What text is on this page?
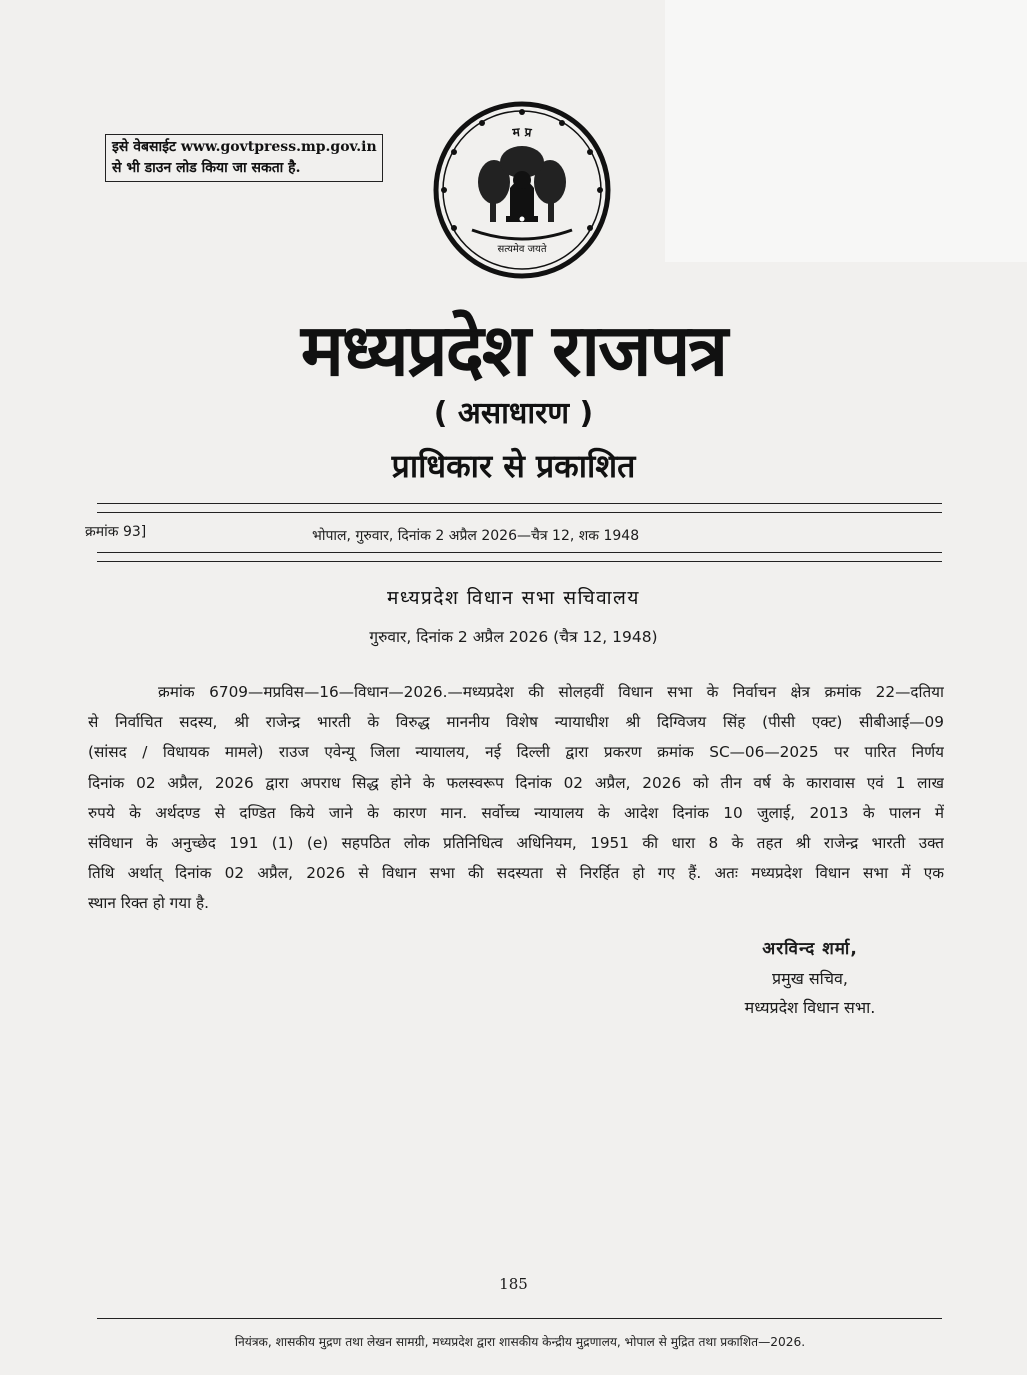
इसे वेबसाईट www.govtpress.mp.gov.in
से भी डाउन लोड किया जा सकता है.
म प्र
सत्यमेव जयते
मध्यप्रदेश राजपत्र
( असाधारण )
प्राधिकार से प्रकाशित
क्रमांक 93]	भोपाल, गुरुवार, दिनांक 2 अप्रैल 2026—चैत्र 12, शक 1948
मध्यप्रदेश विधान सभा सचिवालय
गुरुवार, दिनांक 2 अप्रैल 2026 (चैत्र 12, 1948)
क्रमांक 6709—मप्रविस—16—विधान—2026.—मध्यप्रदेश की सोलहवीं विधान सभा के निर्वाचन क्षेत्र क्रमांक 22—दतिया
से निर्वाचित सदस्य, श्री राजेन्द्र भारती के विरुद्ध माननीय विशेष न्यायाधीश श्री दिग्विजय सिंह (पीसी एक्ट) सीबीआई—09
(सांसद / विधायक मामले) राउज एवेन्यू जिला न्यायालय, नई दिल्ली द्वारा प्रकरण क्रमांक SC—06—2025 पर पारित निर्णय
दिनांक 02 अप्रैल, 2026 द्वारा अपराध सिद्ध होने के फलस्वरूप दिनांक 02 अप्रैल, 2026 को तीन वर्ष के कारावास एवं 1 लाख
रुपये के अर्थदण्ड से दण्डित किये जाने के कारण मान. सर्वोच्च न्यायालय के आदेश दिनांक 10 जुलाई, 2013 के पालन में
संविधान के अनुच्छेद 191 (1) (e) सहपठित लोक प्रतिनिधित्व अधिनियम, 1951 की धारा 8 के तहत श्री राजेन्द्र भारती उक्त
तिथि अर्थात् दिनांक 02 अप्रैल, 2026 से विधान सभा की सदस्यता से निरर्हित हो गए हैं. अतः मध्यप्रदेश विधान सभा में एक
स्थान रिक्त हो गया है.
अरविन्द शर्मा,
प्रमुख सचिव,
मध्यप्रदेश विधान सभा.
185
नियंत्रक, शासकीय मुद्रण तथा लेखन सामग्री, मध्यप्रदेश द्वारा शासकीय केन्द्रीय मुद्रणालय, भोपाल से मुद्रित तथा प्रकाशित—2026.
